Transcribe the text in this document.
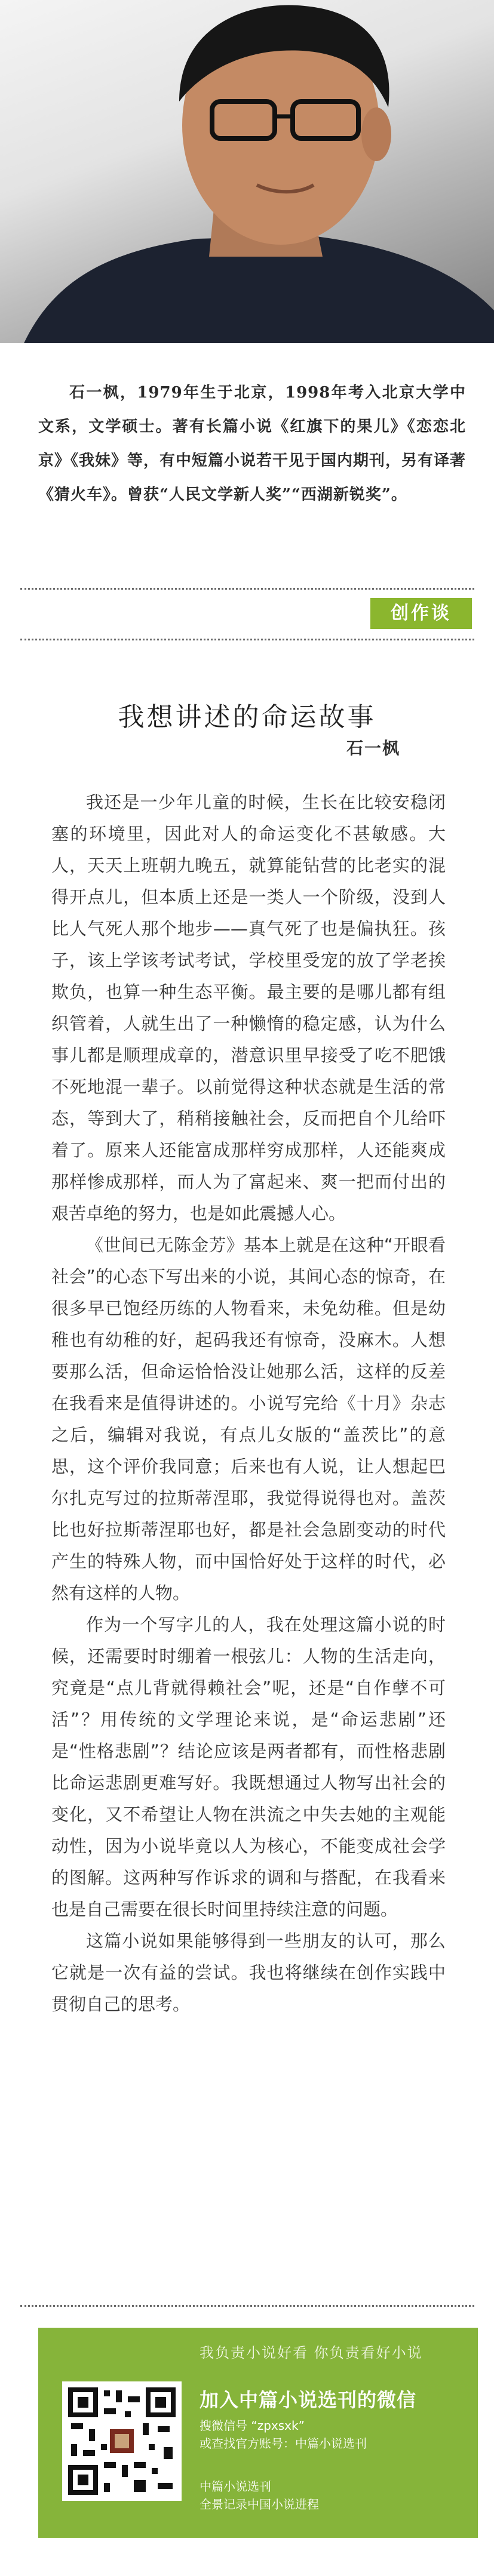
石一枫，1979年生于北京，1998年考入北京大学中文系，文学硕士。著有长篇小说《红旗下的果儿》《恋恋北京》《我妹》等，有中短篇小说若干见于国内期刊，另有译著《猜火车》。曾获“人民文学新人奖”“西湖新锐奖”。
创作谈
我想讲述的命运故事
石一枫

我还是一少年儿童的时候，生长在比较安稳闭塞的环境里，因此对人的命运变化不甚敏感。大人，天天上班朝九晚五，就算能钻营的比老实的混得开点儿，但本质上还是一类人一个阶级，没到人比人气死人那个地步——真气死了也是偏执狂。孩子，该上学该考试考试，学校里受宠的放了学老挨欺负，也算一种生态平衡。最主要的是哪儿都有组织管着，人就生出了一种懒惰的稳定感，认为什么事儿都是顺理成章的，潜意识里早接受了吃不肥饿不死地混一辈子。以前觉得这种状态就是生活的常态，等到大了，稍稍接触社会，反而把自个儿给吓着了。原来人还能富成那样穷成那样，人还能爽成那样惨成那样，而人为了富起来、爽一把而付出的艰苦卓绝的努力，也是如此震撼人心。

《世间已无陈金芳》基本上就是在这种“开眼看社会”的心态下写出来的小说，其间心态的惊奇，在很多早已饱经历练的人物看来，未免幼稚。但是幼稚也有幼稚的好，起码我还有惊奇，没麻木。人想要那么活，但命运恰恰没让她那么活，这样的反差在我看来是值得讲述的。小说写完给《十月》杂志之后，编辑对我说，有点儿女版的“盖茨比”的意思，这个评价我同意；后来也有人说，让人想起巴尔扎克写过的拉斯蒂涅耶，我觉得说得也对。盖茨比也好拉斯蒂涅耶也好，都是社会急剧变动的时代产生的特殊人物，而中国恰好处于这样的时代，必然有这样的人物。

作为一个写字儿的人，我在处理这篇小说的时候，还需要时时绷着一根弦儿：人物的生活走向，究竟是“点儿背就得赖社会”呢，还是“自作孽不可活”？用传统的文学理论来说，是“命运悲剧”还是“性格悲剧”？结论应该是两者都有，而性格悲剧比命运悲剧更难写好。我既想通过人物写出社会的变化，又不希望让人物在洪流之中失去她的主观能动性，因为小说毕竟以人为核心，不能变成社会学的图解。这两种写作诉求的调和与搭配，在我看来也是自己需要在很长时间里持续注意的问题。

这篇小说如果能够得到一些朋友的认可，那么它就是一次有益的尝试。我也将继续在创作实践中贯彻自己的思考。

我负责小说好看 你负责看好小说
加入中篇小说选刊的微信
搜微信号 “zpxsxk”
或查找官方账号：中篇小说选刊
中篇小说选刊
全景记录中国小说进程
